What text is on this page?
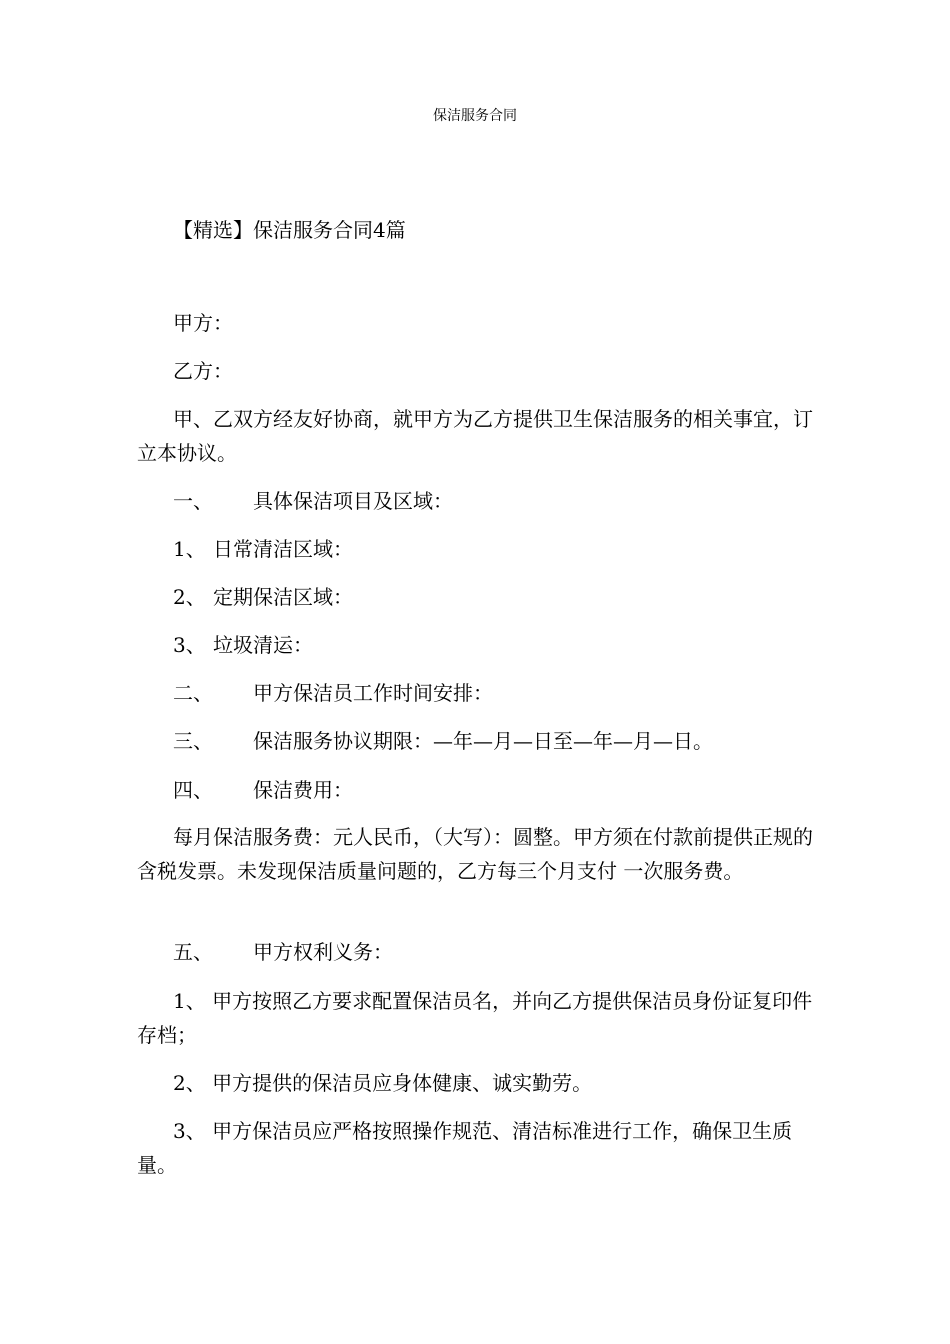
保洁服务合同
【精选】保洁服务合同4篇

甲方：

乙方：

甲、乙双方经友好协商，就甲方为乙方提供卫生保洁服务的相关事宜，订立本协议。

一、 具体保洁项目及区域：
1、 日常清洁区域：
2、 定期保洁区域：
3、 垃圾清运：
二、 甲方保洁员工作时间安排：
三、 保洁服务协议期限：—年—月—日至—年—月—日。
四、 保洁费用：

每月保洁服务费：元人民币，（大写）：圆整。甲方须在付款前提供正规的含税发票。未发现保洁质量问题的，乙方每三个月支付 一次服务费。

五、 甲方权利义务：

1、 甲方按照乙方要求配置保洁员名，并向乙方提供保洁员身份证复印件存档；

2、 甲方提供的保洁员应身体健康、诚实勤劳。

3、 甲方保洁员应严格按照操作规范、清洁标准进行工作，确保卫生质量。
